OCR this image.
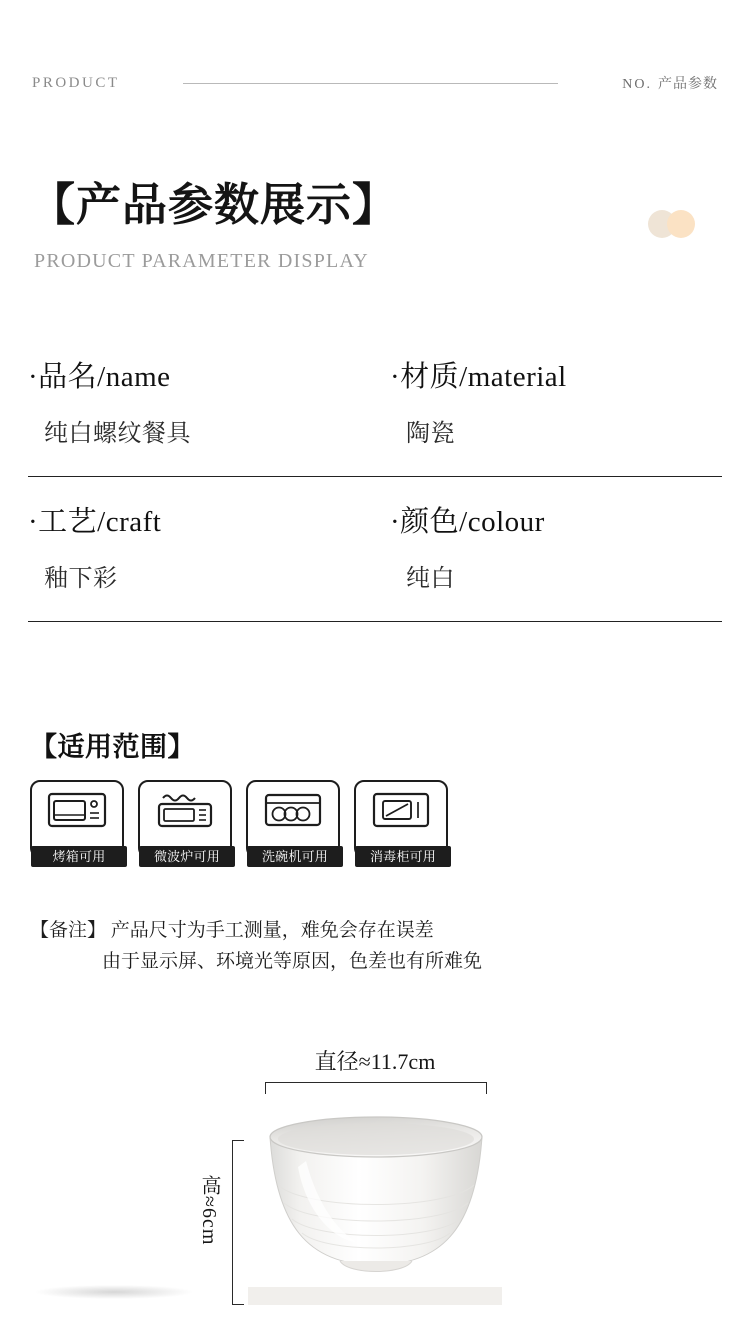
PRODUCT	NO. 产品参数
【产品参数展示】
PRODUCT PARAMETER DISPLAY
·品名/name
纯白螺纹餐具
·材质/material
陶瓷
·工艺/craft
釉下彩
·颜色/colour
纯白
【适用范围】
烤箱可用	微波炉可用	洗碗机可用	消毒柜可用
【备注】 产品尺寸为手工测量，难免会存在误差
由于显示屏、环境光等原因，色差也有所难免
直径≈11.7cm
高≈6cm
